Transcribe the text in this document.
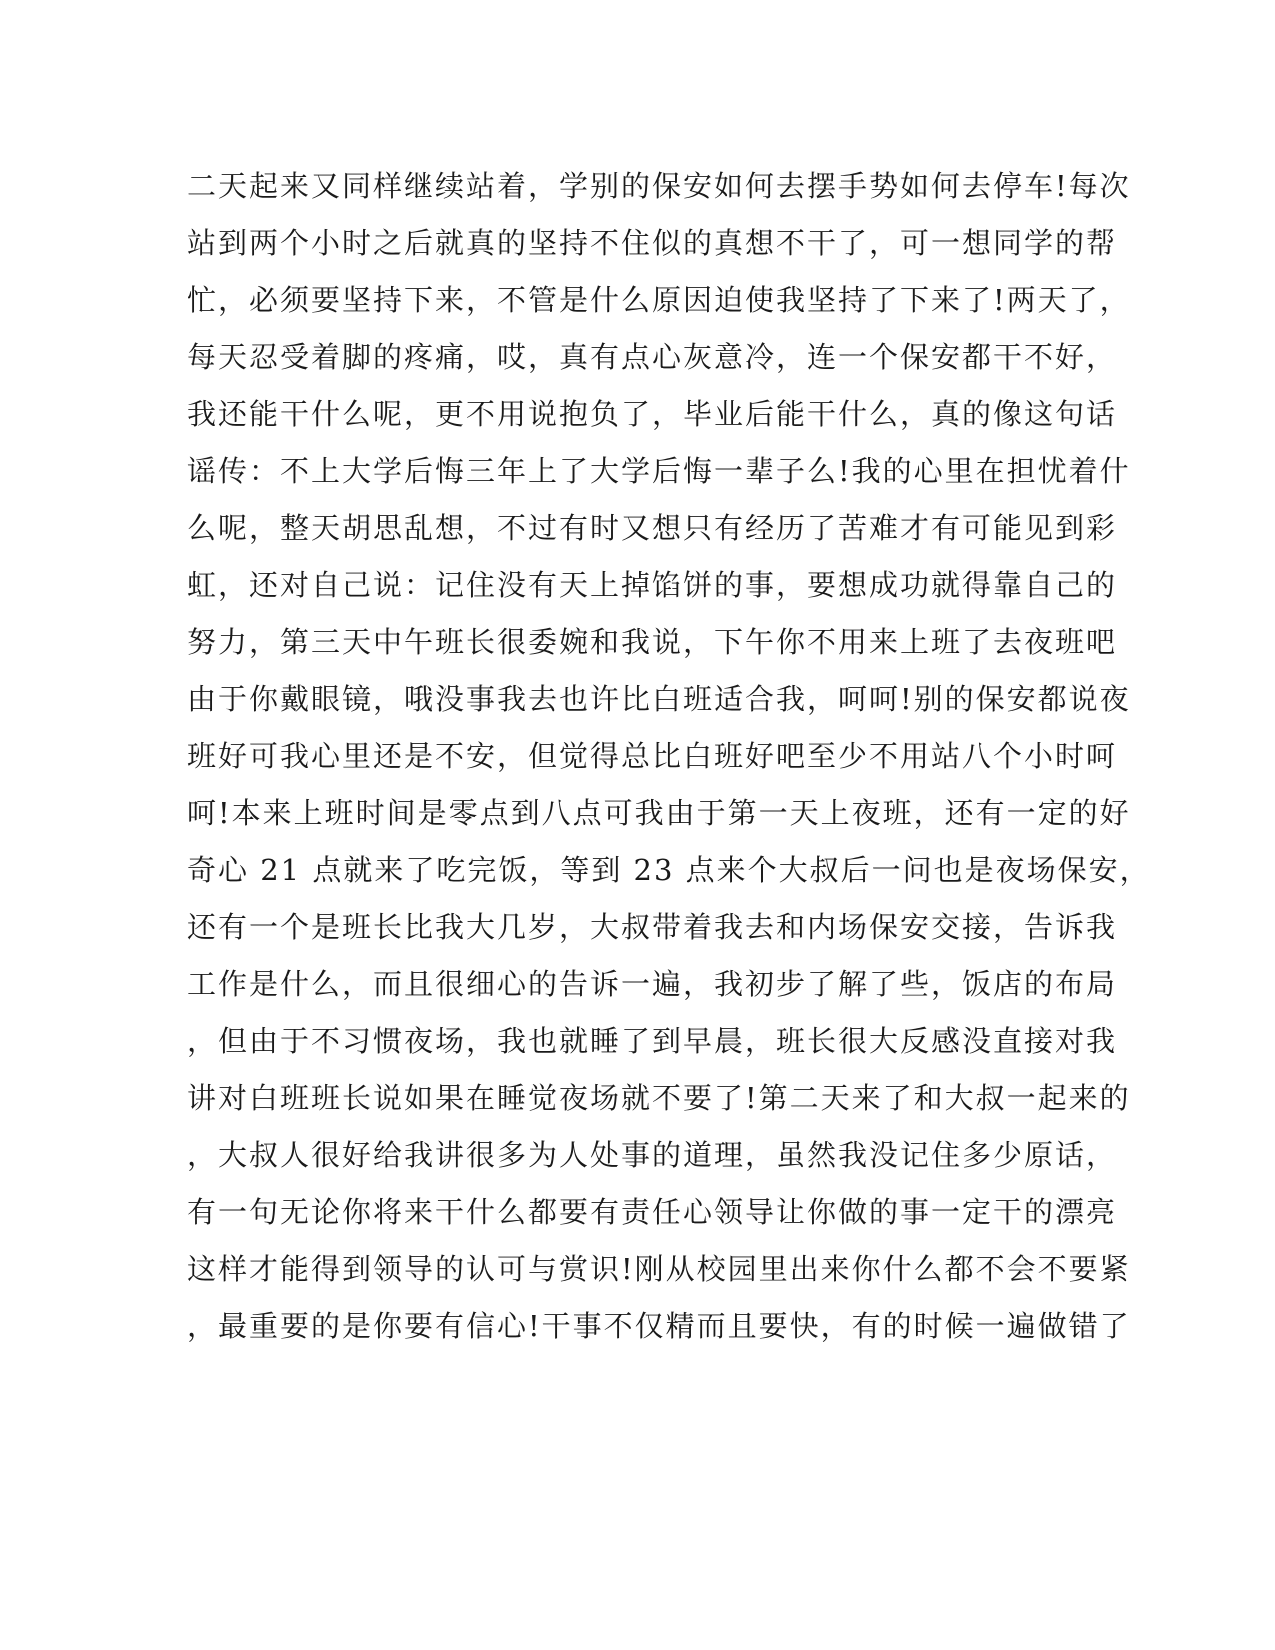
二天起来又同样继续站着，学别的保安如何去摆手势如何去停车!每次
站到两个小时之后就真的坚持不住似的真想不干了，可一想同学的帮
忙，必须要坚持下来，不管是什么原因迫使我坚持了下来了!两天了，
每天忍受着脚的疼痛，哎，真有点心灰意冷，连一个保安都干不好，
我还能干什么呢，更不用说抱负了，毕业后能干什么，真的像这句话
谣传：不上大学后悔三年上了大学后悔一辈子么!我的心里在担忧着什
么呢，整天胡思乱想，不过有时又想只有经历了苦难才有可能见到彩
虹，还对自己说：记住没有天上掉馅饼的事，要想成功就得靠自己的
努力，第三天中午班长很委婉和我说，下午你不用来上班了去夜班吧
由于你戴眼镜，哦没事我去也许比白班适合我，呵呵!别的保安都说夜
班好可我心里还是不安，但觉得总比白班好吧至少不用站八个小时呵
呵!本来上班时间是零点到八点可我由于第一天上夜班，还有一定的好
奇心 21 点就来了吃完饭，等到 23 点来个大叔后一问也是夜场保安，
还有一个是班长比我大几岁，大叔带着我去和内场保安交接，告诉我
工作是什么，而且很细心的告诉一遍，我初步了解了些，饭店的布局
，但由于不习惯夜场，我也就睡了到早晨，班长很大反感没直接对我
讲对白班班长说如果在睡觉夜场就不要了!第二天来了和大叔一起来的
，大叔人很好给我讲很多为人处事的道理，虽然我没记住多少原话，
有一句无论你将来干什么都要有责任心领导让你做的事一定干的漂亮
这样才能得到领导的认可与赏识!刚从校园里出来你什么都不会不要紧
，最重要的是你要有信心!干事不仅精而且要快，有的时候一遍做错了
